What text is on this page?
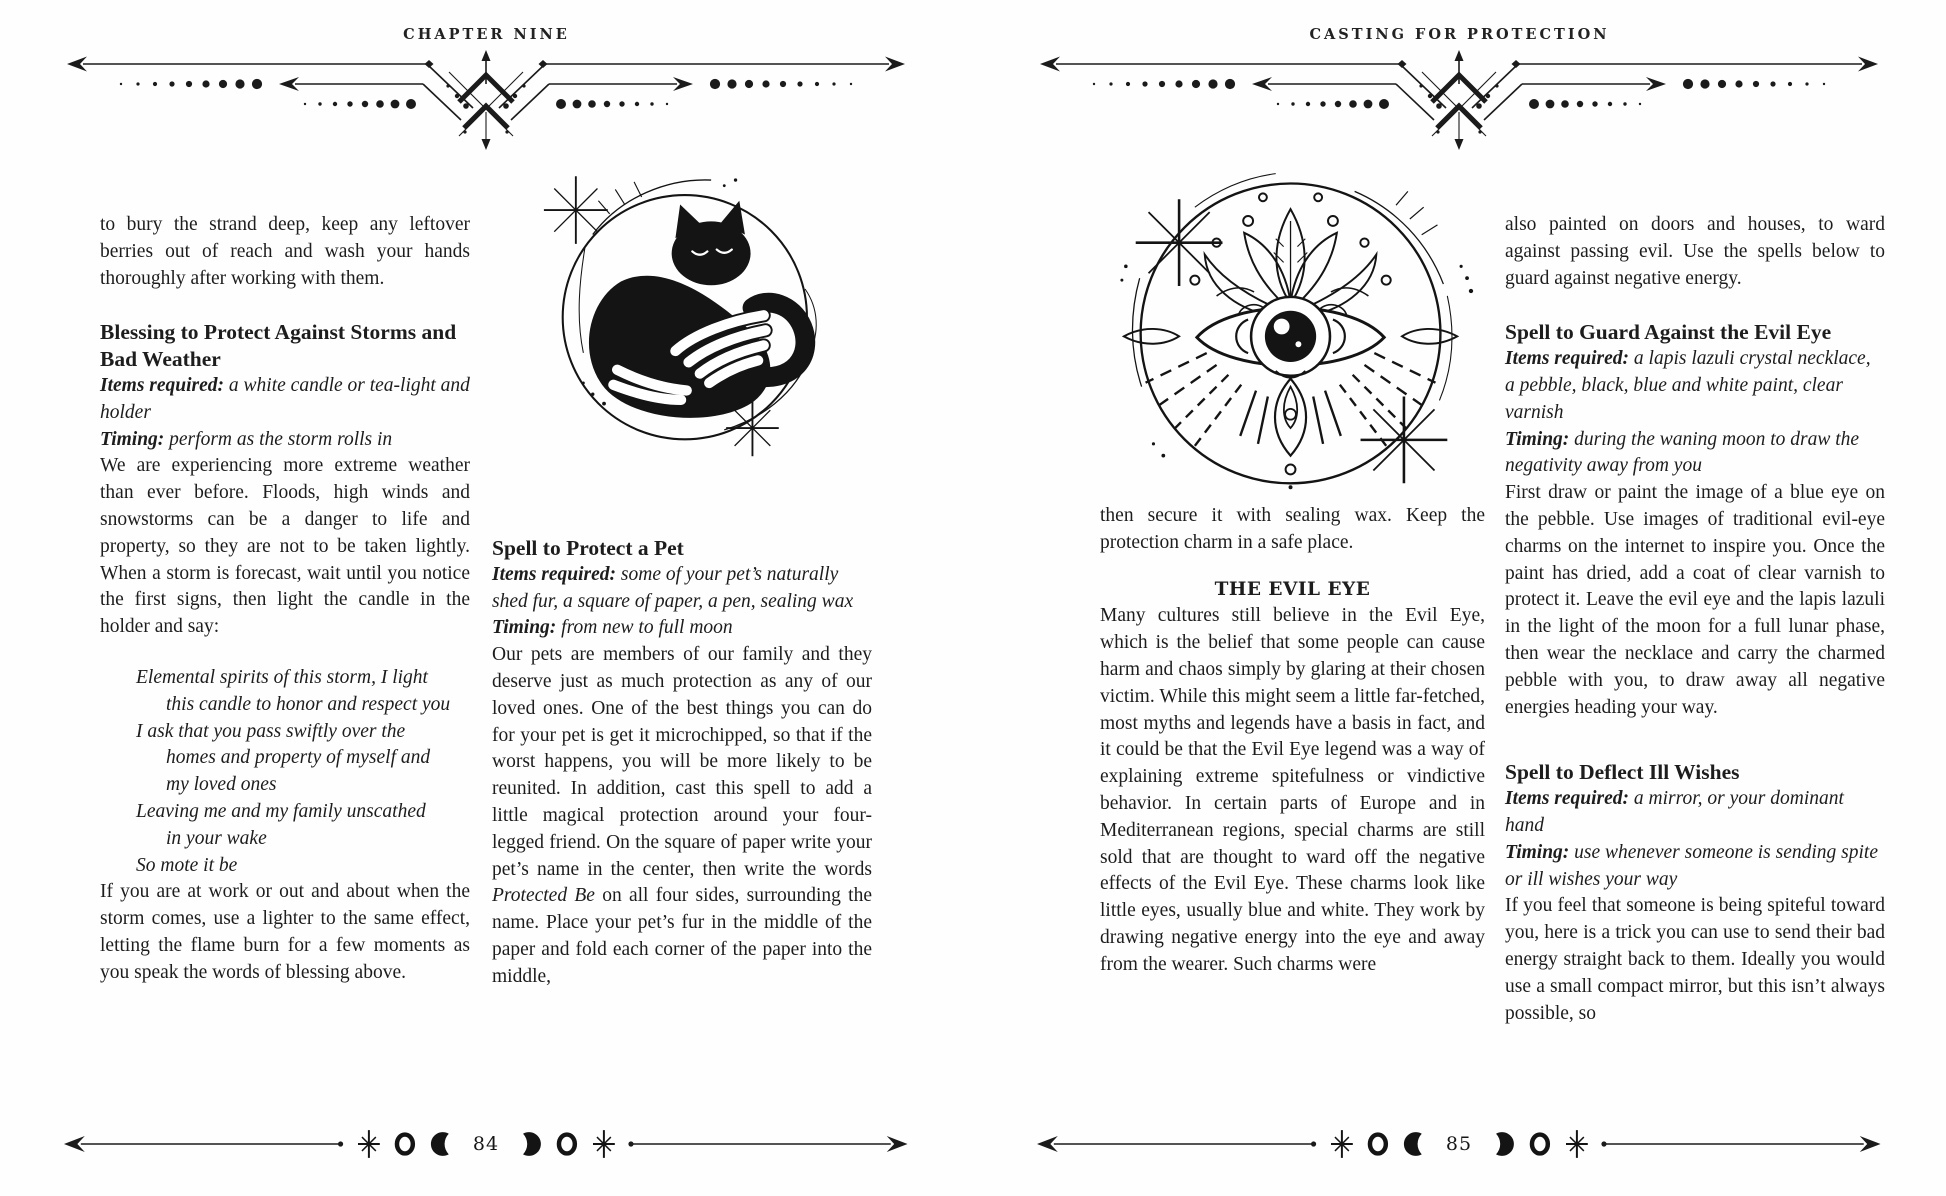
CHAPTER NINE

to bury the strand deep, keep any leftover berries out of reach and wash your hands thoroughly after working with them.

Blessing to Protect Against Storms and Bad Weather

Items required: a white candle or tea-light and holder

Timing: perform as the storm rolls in

We are experiencing more extreme weather than ever before. Floods, high winds and snowstorms can be a danger to life and property, so they are not to be taken lightly. When a storm is forecast, wait until you notice the first signs, then light the candle in the holder and say:

Elemental spirits of this storm, I light
this candle to honor and respect you
I ask that you pass swiftly over the
homes and property of myself and
my loved ones
Leaving me and my family unscathed
in your wake
So mote it be

If you are at work or out and about when the storm comes, use a lighter to the same effect, letting the flame burn for a few moments as you speak the words of blessing above.

Spell to Protect a Pet

Items required: some of your pet’s naturally shed fur, a square of paper, a pen, sealing wax

Timing: from new to full moon

Our pets are members of our family and they deserve just as much protection as any of our loved ones. One of the best things you can do for your pet is get it microchipped, so that if the worst happens, you will be more likely to be reunited. In addition, cast this spell to add a little magical protection around your four-legged friend. On the square of paper write your pet’s name in the center, then write the words Protected Be on all four sides, surrounding the name. Place your pet’s fur in the middle of the paper and fold each corner of the paper into the middle,

84
CASTING FOR PROTECTION

then secure it with sealing wax. Keep the protection charm in a safe place.

THE EVIL EYE

Many cultures still believe in the Evil Eye, which is the belief that some people can cause harm and chaos simply by glaring at their chosen victim. While this might seem a little far-fetched, most myths and legends have a basis in fact, and it could be that the Evil Eye legend was a way of explaining extreme spitefulness or vindictive behavior. In certain parts of Europe and in Mediterranean regions, special charms are still sold that are thought to ward off the negative effects of the Evil Eye. These charms look like little eyes, usually blue and white. They work by drawing negative energy into the eye and away from the wearer. Such charms were

also painted on doors and houses, to ward against passing evil. Use the spells below to guard against negative energy.

Spell to Guard Against the Evil Eye

Items required: a lapis lazuli crystal necklace, a pebble, black, blue and white paint, clear varnish

Timing: during the waning moon to draw the negativity away from you

First draw or paint the image of a blue eye on the pebble. Use images of traditional evil-eye charms on the internet to inspire you. Once the paint has dried, add a coat of clear varnish to protect it. Leave the evil eye and the lapis lazuli in the light of the moon for a full lunar phase, then wear the necklace and carry the charmed pebble with you, to draw away all negative energies heading your way.

Spell to Deflect Ill Wishes

Items required: a mirror, or your dominant hand

Timing: use whenever someone is sending spite or ill wishes your way

If you feel that someone is being spiteful toward you, here is a trick you can use to send their bad energy straight back to them. Ideally you would use a small compact mirror, but this isn’t always possible, so

85
